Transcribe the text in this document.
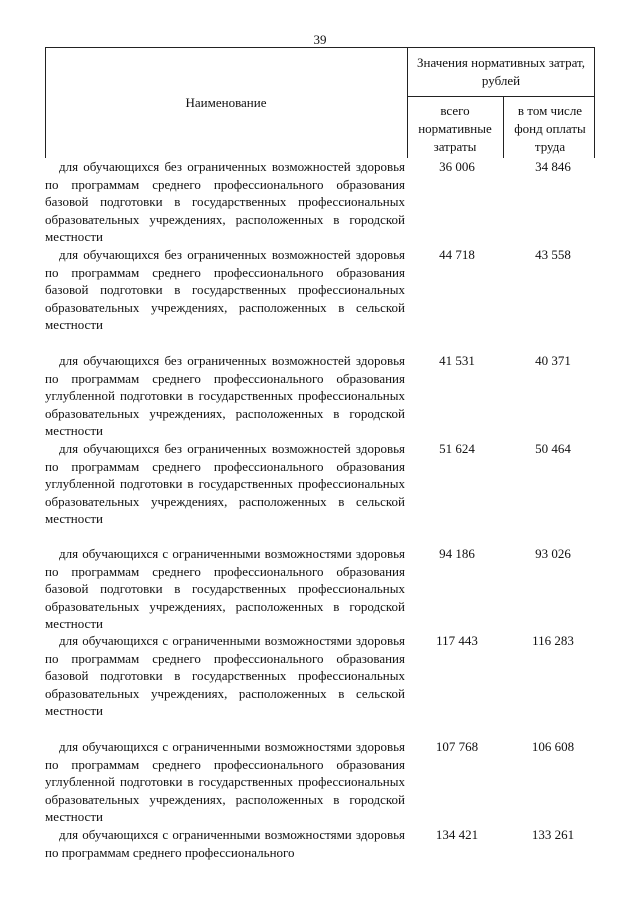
39
Наименование
Значения нормативных затрат, рублей
всего нормативные затраты
в том числе фонд оплаты труда
для обучающихся без ограниченных возможностей здоровья по программам среднего профессионального образования базовой подготовки в государственных профессиональных образовательных учреждениях, расположенных в городской местности
36 006	34 846
для обучающихся без ограниченных возможностей здоровья по программам среднего профессионального образования базовой подготовки в государственных профессиональных образовательных учреждениях, расположенных в сельской местности
44 718	43 558
для обучающихся без ограниченных возможностей здоровья по программам среднего профессионального образования углубленной подготовки в государственных профессиональных образовательных учреждениях, расположенных в городской местности
41 531	40 371
для обучающихся без ограниченных возможностей здоровья по программам среднего профессионального образования углубленной подготовки в государственных профессиональных образовательных учреждениях, расположенных в сельской местности
51 624	50 464
для обучающихся с ограниченными возможностями здоровья по программам среднего профессионального образования базовой подготовки в государственных профессиональных образовательных учреждениях, расположенных в городской местности
94 186	93 026
для обучающихся с ограниченными возможностями здоровья по программам среднего профессионального образования базовой подготовки в государственных профессиональных образовательных учреждениях, расположенных в сельской местности
117 443	116 283
для обучающихся с ограниченными возможностями здоровья по программам среднего профессионального образования углубленной подготовки в государственных профессиональных образовательных учреждениях, расположенных в городской местности
107 768	106 608
для обучающихся с ограниченными возможностями здоровья по программам среднего профессионального
134 421	133 261
